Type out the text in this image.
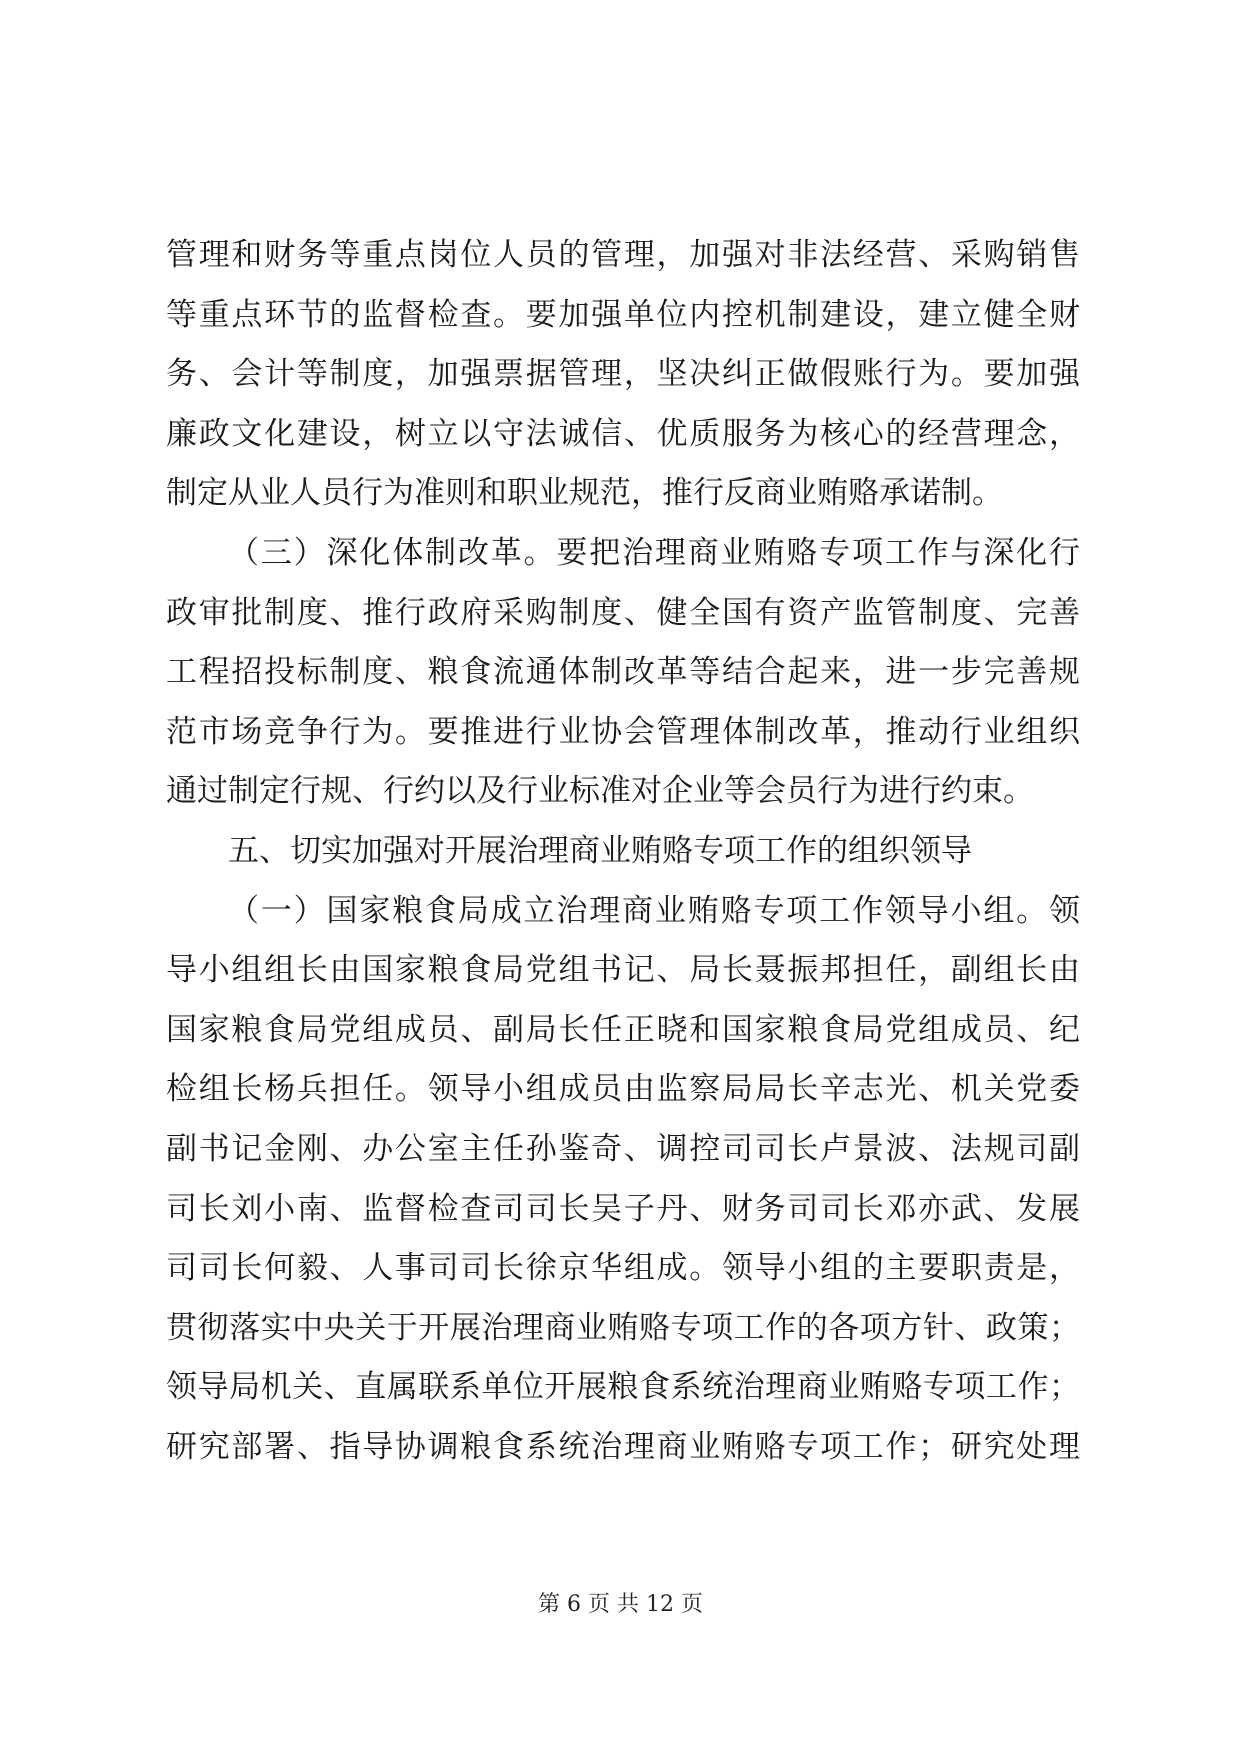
管理和财务等重点岗位人员的管理，加强对非法经营、采购销售
等重点环节的监督检查。要加强单位内控机制建设，建立健全财
务、会计等制度，加强票据管理，坚决纠正做假账行为。要加强
廉政文化建设，树立以守法诚信、优质服务为核心的经营理念，
制定从业人员行为准则和职业规范，推行反商业贿赂承诺制。
（三）深化体制改革。要把治理商业贿赂专项工作与深化行
政审批制度、推行政府采购制度、健全国有资产监管制度、完善
工程招投标制度、粮食流通体制改革等结合起来，进一步完善规
范市场竞争行为。要推进行业协会管理体制改革，推动行业组织
通过制定行规、行约以及行业标准对企业等会员行为进行约束。
五、切实加强对开展治理商业贿赂专项工作的组织领导
（一）国家粮食局成立治理商业贿赂专项工作领导小组。领
导小组组长由国家粮食局党组书记、局长聂振邦担任，副组长由
国家粮食局党组成员、副局长任正晓和国家粮食局党组成员、纪
检组长杨兵担任。领导小组成员由监察局局长辛志光、机关党委
副书记金刚、办公室主任孙鉴奇、调控司司长卢景波、法规司副
司长刘小南、监督检查司司长吴子丹、财务司司长邓亦武、发展
司司长何毅、人事司司长徐京华组成。领导小组的主要职责是，
贯彻落实中央关于开展治理商业贿赂专项工作的各项方针、政策；
领导局机关、直属联系单位开展粮食系统治理商业贿赂专项工作；
研究部署、指导协调粮食系统治理商业贿赂专项工作；研究处理
第 6 页 共 12 页
